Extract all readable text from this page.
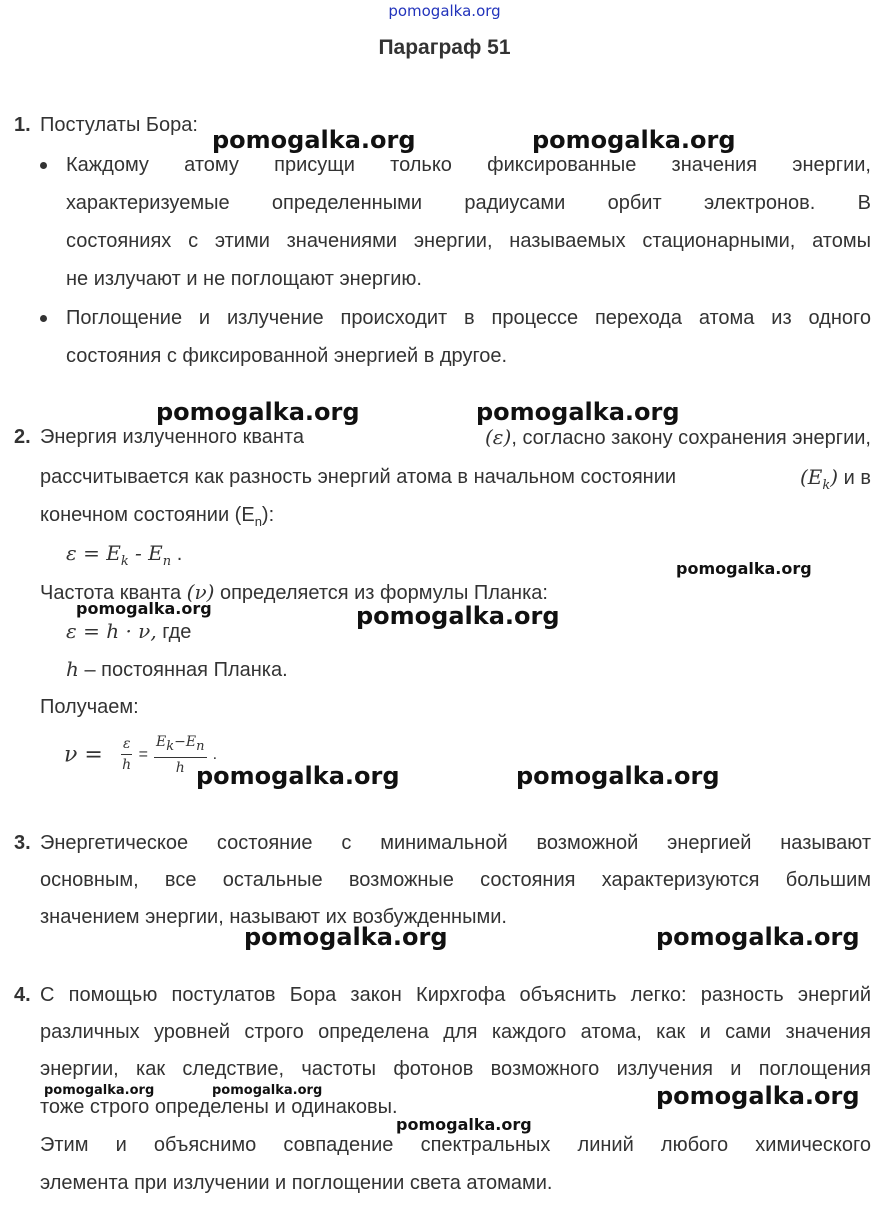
pomogalka.org
Параграф 51
1. Постулаты Бора:
Каждому атому присущи только фиксированные значения энергии,
характеризуемые определенными радиусами орбит электронов. В
состояниях с этими значениями энергии, называемых стационарными, атомы
не излучают и не поглощают энергию.
Поглощение и излучение происходит в процессе перехода атома из одного
состояния с фиксированной энергией в другое.
2. Энергия излученного кванта	(ε), согласно закону сохранения энергии,
рассчитывается как разность энергий атома в начальном состоянии	$(E_k)$ и в
конечном состоянии $(E_n)$:
$\varepsilon = E_k - E_n$ .
Частота кванта (ν) определяется из формулы Планка:
ε = h · ν, где
h – постоянная Планка.
Получаем:
$\nu = \frac{\varepsilon}{h} = \frac{E_k-E_n}{h}$ .
3. Энергетическое состояние с минимальной возможной энергией называют
основным, все остальные возможные состояния характеризуются большим
значением энергии, называют их возбужденными.
4. С помощью постулатов Бора закон Кирхгофа объяснить легко: разность энергий
различных уровней строго определена для каждого атома, как и сами значения
энергии, как следствие, частоты фотонов возможного излучения и поглощения
тоже строго определены и одинаковы.
Этим и объяснимо совпадение спектральных линий любого химического
элемента при излучении и поглощении света атомами.
pomogalka.org	pomogalka.org
pomogalka.org	pomogalka.org
pomogalka.org
pomogalka.org	pomogalka.org
pomogalka.org	pomogalka.org
pomogalka.org	pomogalka.org
pomogalka.org	pomogalka.org	pomogalka.org
pomogalka.org
